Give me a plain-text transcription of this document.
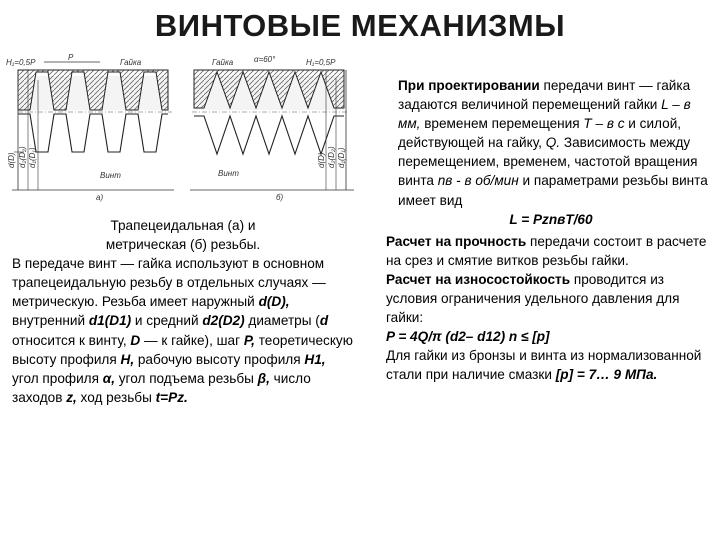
ВИНТОВЫЕ МЕХАНИЗМЫ
H₁=0,5P
P
Гайка
Винт
d(D) d₂(D₂) d₁(D₁)
a)
Гайка	α=60°	H₁=0,5P
Винт
d(D) d₂(D₂) d₁(D₁)
б)
Трапецеидальная (а) и
метрическая (б) резьбы.
В передаче винт — гайка используют в основном трапецеидальную резьбу в отдельных случаях — метрическую. Резьба имеет наружный d(D), внутренний d1(D1) и средний d2(D2) диаметры (d относится к винту, D — к гайке), шаг P, теоретическую высоту профиля H, рабочую высоту профиля H1, угол профиля α, угол подъема резьбы β, число заходов z, ход резьбы t=Pz.
При проектировании передачи винт — гайка задаются величиной перемещений гайки L – в мм, временем перемещения T – в с и силой, действующей на гайку, Q. Зависимость между перемещением, временем, частотой вращения винта nв - в об/мин и параметрами резьбы винта имеет вид
L = PznвT/60
Расчет на прочность передачи состоит в расчете на срез и смятие витков резьбы гайки.
Расчет на износостойкость проводится из условия ограничения удельного давления для гайки:
P = 4Q/π (d2– d12) n ≤ [p]
Для гайки из бронзы и винта из нормализованной стали при наличие смазки [p] = 7… 9 МПа.
